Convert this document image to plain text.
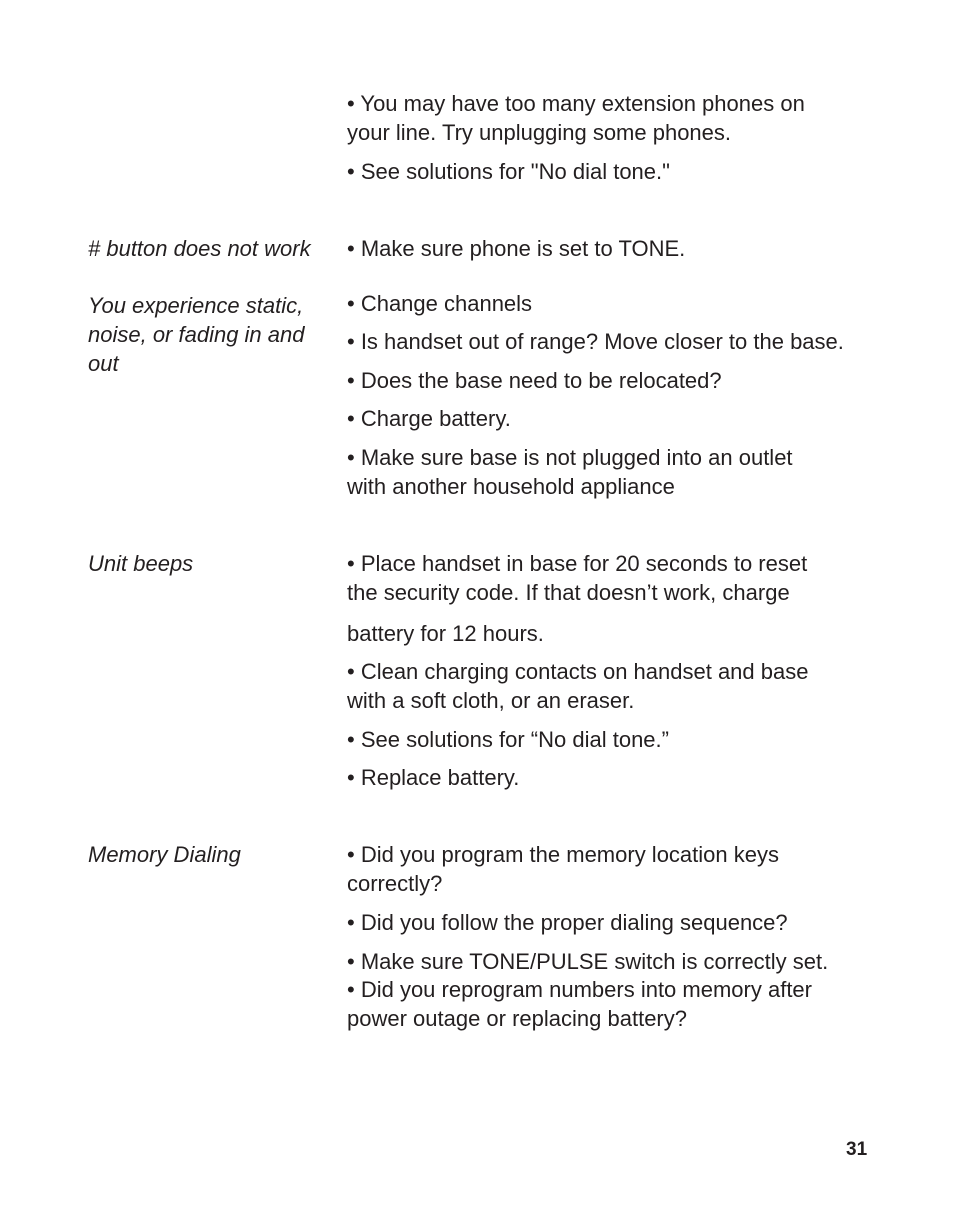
• You may have too many extension phones on

your line. Try unplugging some phones.

• See solutions for "No dial tone."

# button does not work • Make sure phone is set to TONE.

You experience static,

noise, or fading in and

out

• Change channels

• Is handset out of range? Move closer to the base.

• Does the base need to be relocated?

• Charge battery.

• Make sure base is not plugged into an outlet

with another household appliance

Unit beeps	• Place handset in base for 20 seconds to reset

the security code. If that doesn’t work, charge

battery for 12 hours.

• Clean charging contacts on handset and base

with a soft cloth, or an eraser.

• See solutions for “No dial tone.”

• Replace battery.

Memory Dialing	• Did you program the memory location keys

correctly?

• Did you follow the proper dialing sequence?

• Make sure TONE/PULSE switch is correctly set.

• Did you reprogram numbers into memory after

power outage or replacing battery?

31
